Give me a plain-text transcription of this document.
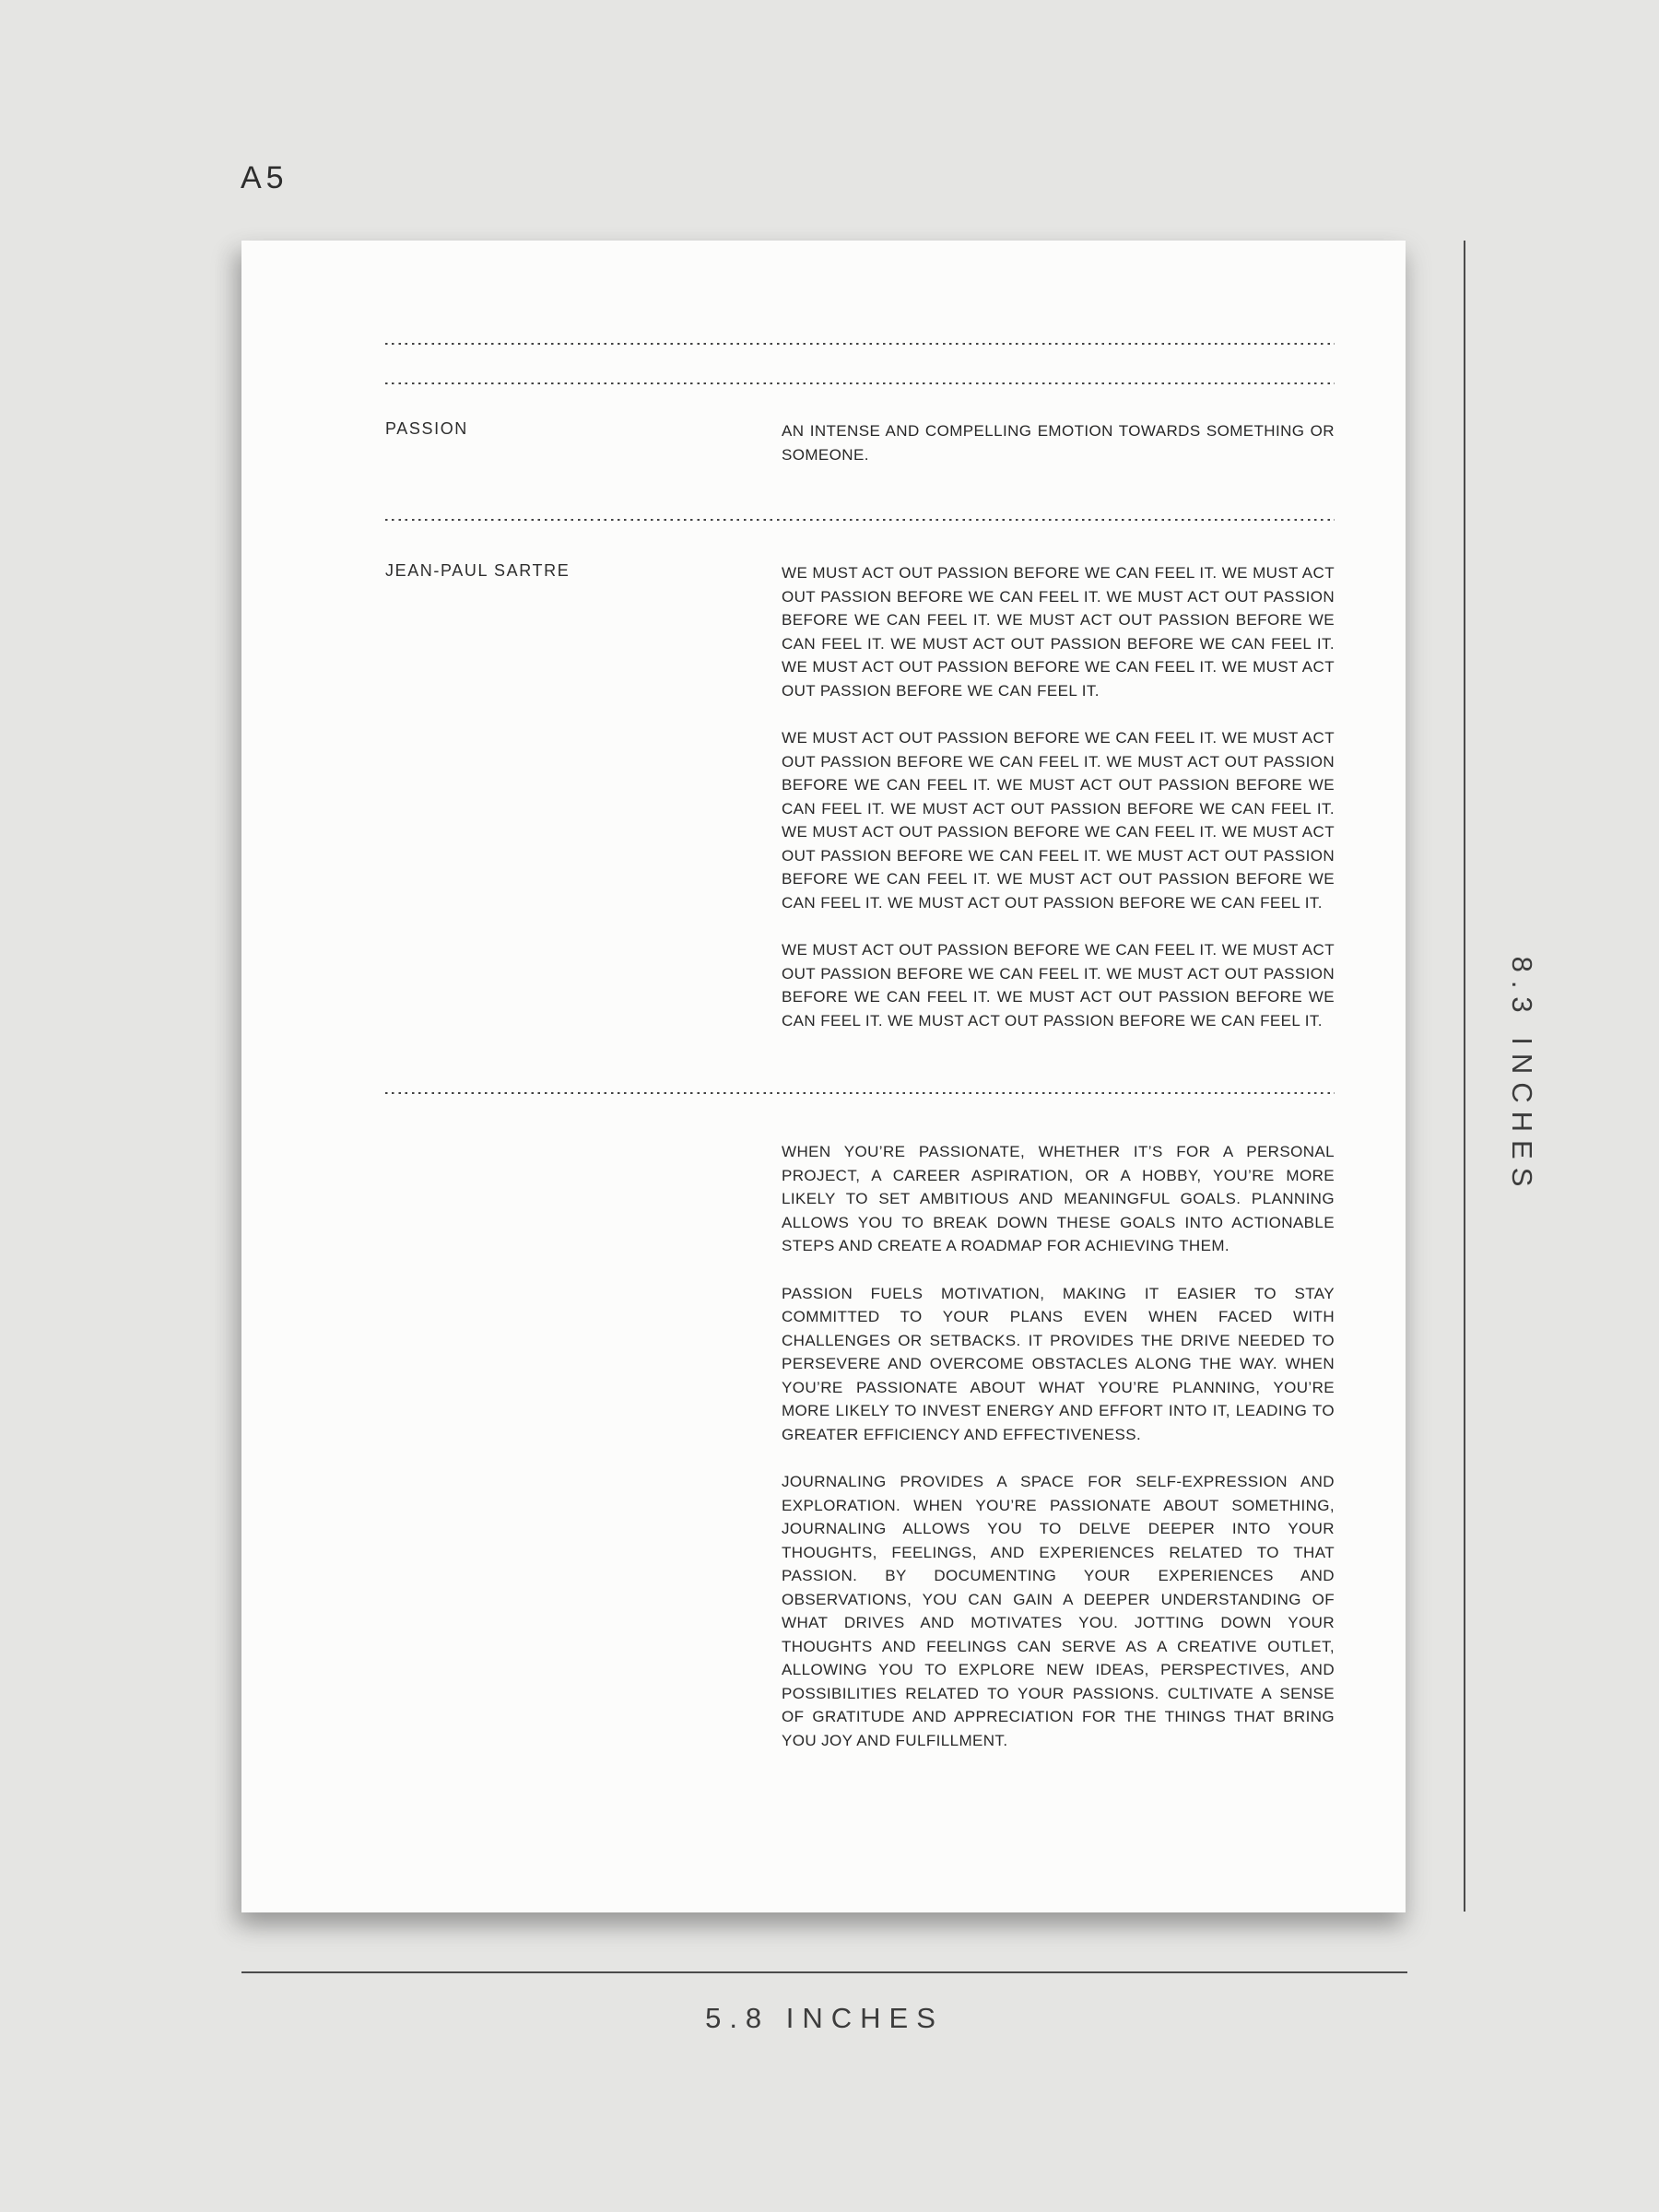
A5
PASSION	AN INTENSE AND COMPELLING EMOTION TOWARDS SOMETHING OR SOMEONE.
JEAN-PAUL SARTRE	WE MUST ACT OUT PASSION BEFORE WE CAN FEEL IT. WE MUST ACT OUT PASSION BEFORE WE CAN FEEL IT. WE MUST ACT OUT PASSION BEFORE WE CAN FEEL IT. WE MUST ACT OUT PASSION BEFORE WE CAN FEEL IT. WE MUST ACT OUT PASSION BEFORE WE CAN FEEL IT. WE MUST ACT OUT PASSION BEFORE WE CAN FEEL IT. WE MUST ACT OUT PASSION BEFORE WE CAN FEEL IT.

WE MUST ACT OUT PASSION BEFORE WE CAN FEEL IT. WE MUST ACT OUT PASSION BEFORE WE CAN FEEL IT. WE MUST ACT OUT PASSION BEFORE WE CAN FEEL IT. WE MUST ACT OUT PASSION BEFORE WE CAN FEEL IT. WE MUST ACT OUT PASSION BEFORE WE CAN FEEL IT. WE MUST ACT OUT PASSION BEFORE WE CAN FEEL IT. WE MUST ACT OUT PASSION BEFORE WE CAN FEEL IT. WE MUST ACT OUT PASSION BEFORE WE CAN FEEL IT. WE MUST ACT OUT PASSION BEFORE WE CAN FEEL IT. WE MUST ACT OUT PASSION BEFORE WE CAN FEEL IT.

WE MUST ACT OUT PASSION BEFORE WE CAN FEEL IT. WE MUST ACT OUT PASSION BEFORE WE CAN FEEL IT. WE MUST ACT OUT PASSION BEFORE WE CAN FEEL IT. WE MUST ACT OUT PASSION BEFORE WE CAN FEEL IT. WE MUST ACT OUT PASSION BEFORE WE CAN FEEL IT.

WHEN YOU’RE PASSIONATE, WHETHER IT’S FOR A PERSONAL PROJECT, A CAREER ASPIRATION, OR A HOBBY, YOU’RE MORE LIKELY TO SET AMBITIOUS AND MEANINGFUL GOALS. PLANNING ALLOWS YOU TO BREAK DOWN THESE GOALS INTO ACTIONABLE STEPS AND CREATE A ROADMAP FOR ACHIEVING THEM.

PASSION FUELS MOTIVATION, MAKING IT EASIER TO STAY COMMITTED TO YOUR PLANS EVEN WHEN FACED WITH CHALLENGES OR SETBACKS. IT PROVIDES THE DRIVE NEEDED TO PERSEVERE AND OVERCOME OBSTACLES ALONG THE WAY. WHEN YOU’RE PASSIONATE ABOUT WHAT YOU’RE PLANNING, YOU’RE MORE LIKELY TO INVEST ENERGY AND EFFORT INTO IT, LEADING TO GREATER EFFICIENCY AND EFFECTIVENESS.

JOURNALING PROVIDES A SPACE FOR SELF-EXPRESSION AND EXPLORATION. WHEN YOU’RE PASSIONATE ABOUT SOMETHING, JOURNALING ALLOWS YOU TO DELVE DEEPER INTO YOUR THOUGHTS, FEELINGS, AND EXPERIENCES RELATED TO THAT PASSION. BY DOCUMENTING YOUR EXPERIENCES AND OBSERVATIONS, YOU CAN GAIN A DEEPER UNDERSTANDING OF WHAT DRIVES AND MOTIVATES YOU. JOTTING DOWN YOUR THOUGHTS AND FEELINGS CAN SERVE AS A CREATIVE OUTLET, ALLOWING YOU TO EXPLORE NEW IDEAS, PERSPECTIVES, AND POSSIBILITIES RELATED TO YOUR PASSIONS. CULTIVATE A SENSE OF GRATITUDE AND APPRECIATION FOR THE THINGS THAT BRING YOU JOY AND FULFILLMENT.

8.3 INCHES
5.8 INCHES
